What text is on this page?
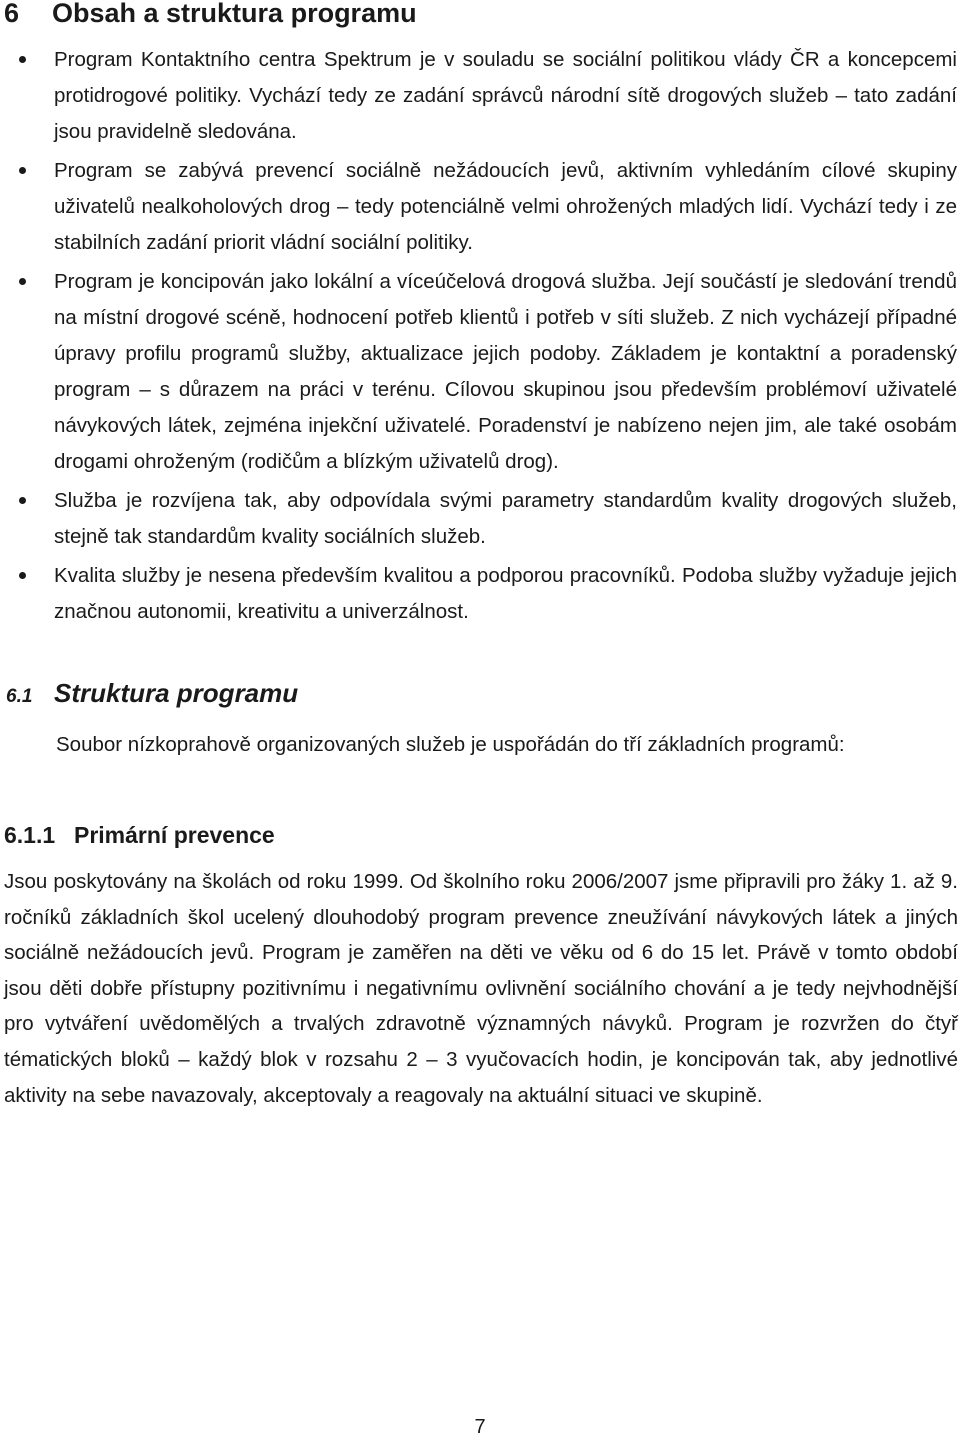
6 Obsah a struktura programu
Program Kontaktního centra Spektrum je v souladu se sociální politikou vlády ČR a koncepcemi protidrogové politiky. Vychází tedy ze zadání správců národní sítě drogových služeb – tato zadání jsou pravidelně sledována.
Program se zabývá prevencí sociálně nežádoucích jevů, aktivním vyhledáním cílové skupiny uživatelů nealkoholových drog – tedy potenciálně velmi ohrožených mladých lidí. Vychází tedy i ze stabilních zadání priorit vládní sociální politiky.
Program je koncipován jako lokální a víceúčelová drogová služba. Její součástí je sledování trendů na místní drogové scéně, hodnocení potřeb klientů i potřeb v síti služeb. Z nich vycházejí případné úpravy profilu programů služby, aktualizace jejich podoby. Základem je kontaktní a poradenský program – s důrazem na práci v terénu. Cílovou skupinou jsou především problémoví uživatelé návykových látek, zejména injekční uživatelé. Poradenství je nabízeno nejen jim, ale také osobám drogami ohroženým (rodičům a blízkým uživatelů drog).
Služba je rozvíjena tak, aby odpovídala svými parametry standardům kvality drogových služeb, stejně tak standardům kvality sociálních služeb.
Kvalita služby je nesena především kvalitou a podporou pracovníků. Podoba služby vyžaduje jejich značnou autonomii, kreativitu a univerzálnost.
6.1 Struktura programu

Soubor nízkoprahově organizovaných služeb je uspořádán do tří základních programů:

6.1.1 Primární prevence

Jsou poskytovány na školách od roku 1999. Od školního roku 2006/2007 jsme připravili pro žáky 1. až 9. ročníků základních škol ucelený dlouhodobý program prevence zneužívání návykových látek a jiných sociálně nežádoucích jevů. Program je zaměřen na děti ve věku od 6 do 15 let. Právě v tomto období jsou děti dobře přístupny pozitivnímu i negativnímu ovlivnění sociálního chování a je tedy nejvhodnější pro vytváření uvědomělých a trvalých zdravotně významných návyků. Program je rozvržen do čtyř tématických bloků – každý blok v rozsahu 2 – 3 vyučovacích hodin, je koncipován tak, aby jednotlivé aktivity na sebe navazovaly, akceptovaly a reagovaly na aktuální situaci ve skupině.

7
